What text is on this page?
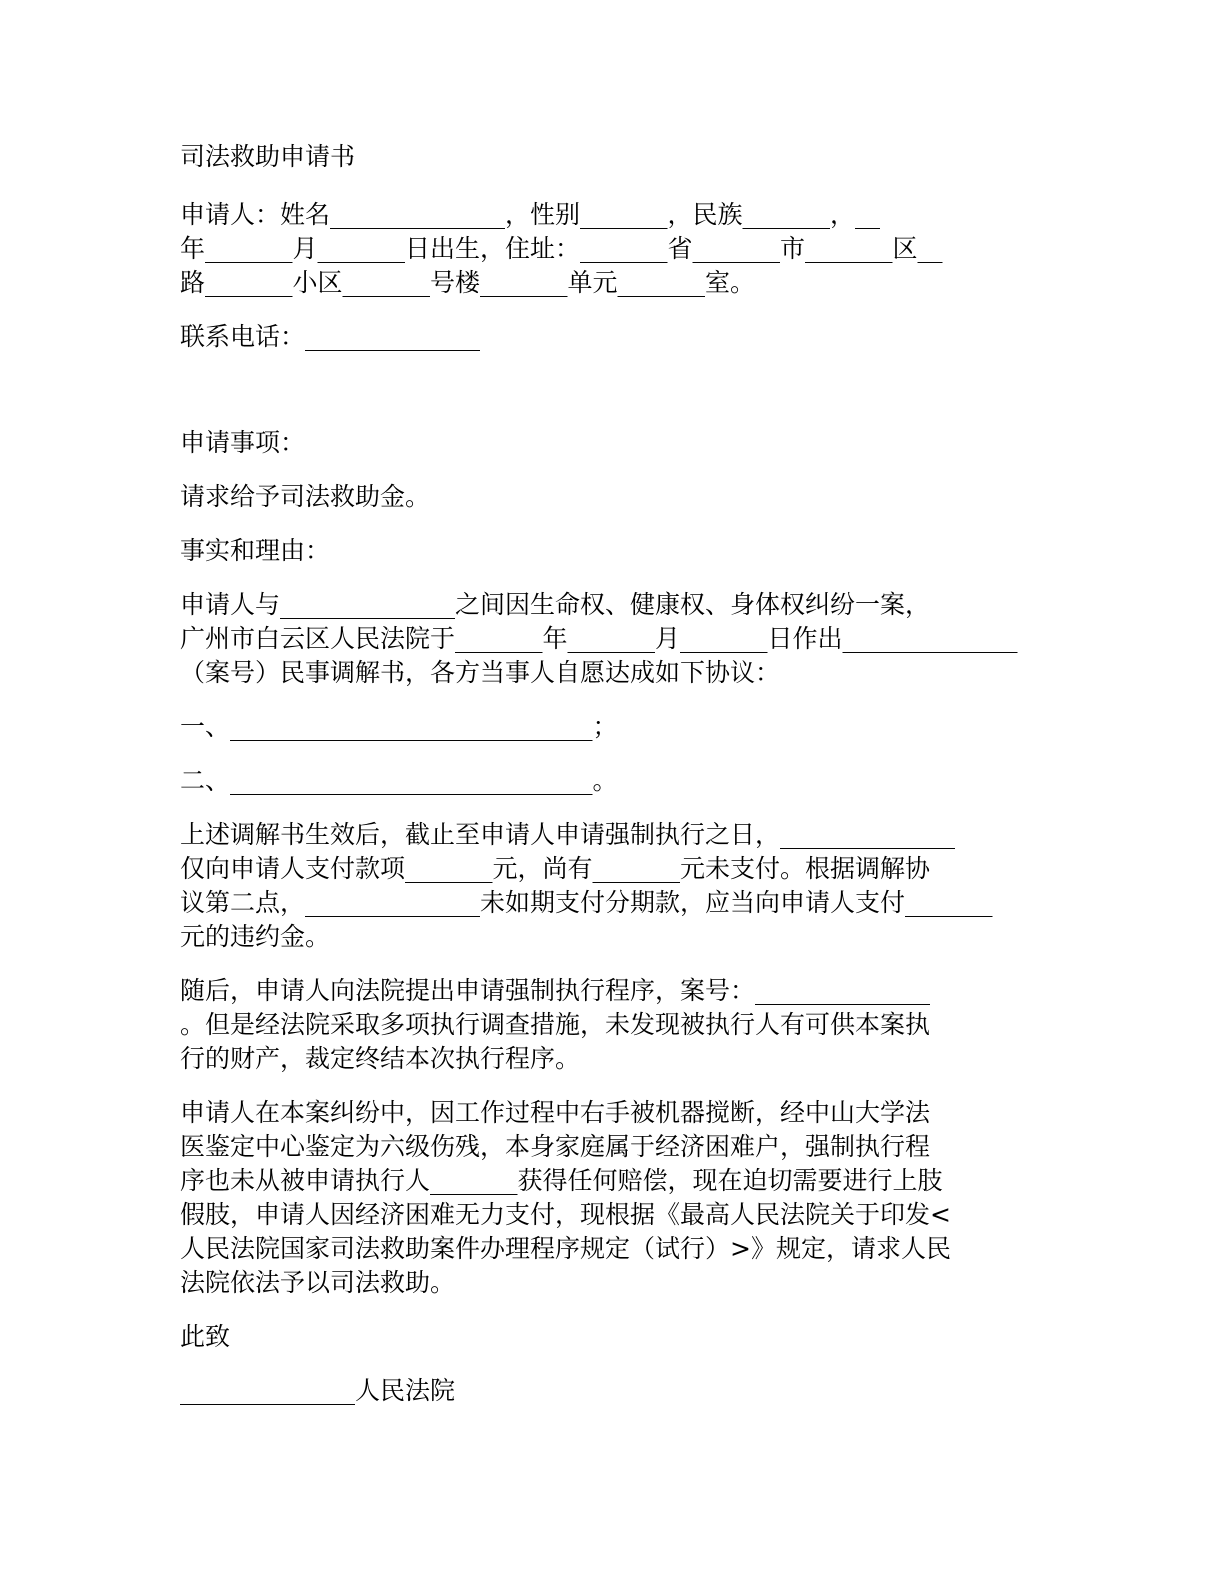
司法救助申请书

申请人：姓名______________，性别_______，民族_______，__

年_______月_______日出生，住址：_______省_______市_______区__

路_______小区_______号楼_______单元_______室。

联系电话：______________

申请事项：

请求给予司法救助金。

事实和理由：

申请人与______________之间因生命权、健康权、身体权纠纷一案，

广州市白云区人民法院于_______年_______月_______日作出______________

（案号）民事调解书，各方当事人自愿达成如下协议：

一、_____________________________；

二、_____________________________。

上述调解书生效后，截止至申请人申请强制执行之日，______________

仅向申请人支付款项_______元，尚有_______元未支付。根据调解协

议第二点，______________未如期支付分期款，应当向申请人支付_______

元的违约金。

随后，申请人向法院提出申请强制执行程序，案号：______________

。但是经法院采取多项执行调查措施，未发现被执行人有可供本案执

行的财产，裁定终结本次执行程序。

申请人在本案纠纷中，因工作过程中右手被机器搅断，经中山大学法

医鉴定中心鉴定为六级伤残，本身家庭属于经济困难户，强制执行程

序也未从被申请执行人_______获得任何赔偿，现在迫切需要进行上肢

假肢，申请人因经济困难无力支付，现根据《最高人民法院关于印发<

人民法院国家司法救助案件办理程序规定（试行）>》规定，请求人民

法院依法予以司法救助。

此致

______________人民法院
